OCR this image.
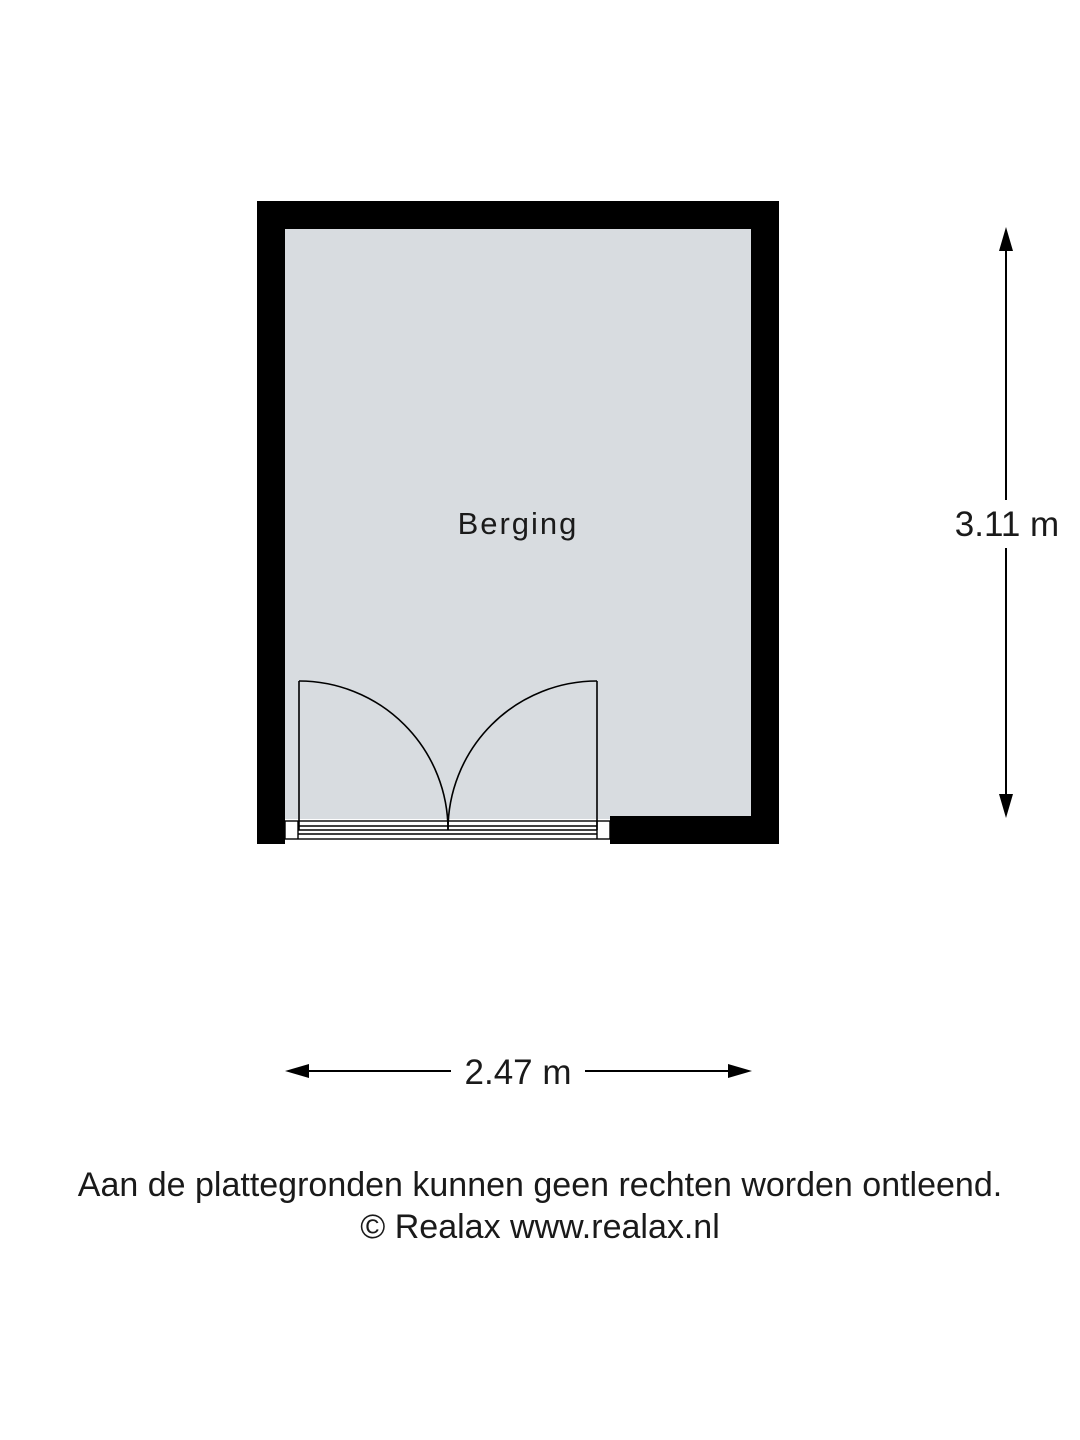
Berging	3.11 m
2.47 m
Aan de plattegronden kunnen geen rechten worden ontleend.
© Realax www.realax.nl
